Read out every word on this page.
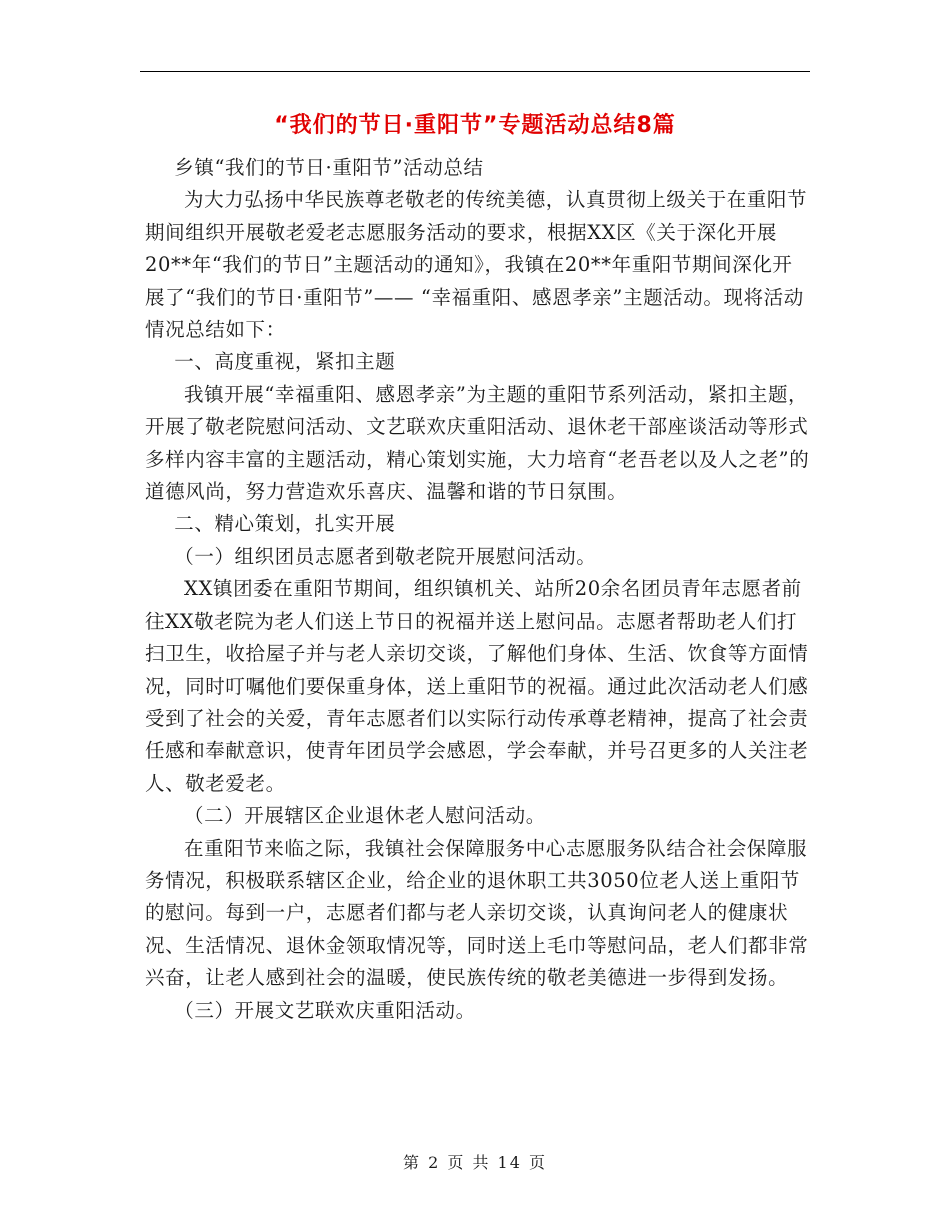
“我们的节日·重阳节”专题活动总结8篇

乡镇“我们的节日·重阳节”活动总结

为大力弘扬中华民族尊老敬老的传统美德，认真贯彻上级关于在重阳节期间组织开展敬老爱老志愿服务活动的要求，根据XX区《关于深化开展20**年“我们的节日”主题活动的通知》，我镇在20**年重阳节期间深化开展了“我们的节日·重阳节”—— “幸福重阳、感恩孝亲”主题活动。现将活动情况总结如下：

一、高度重视，紧扣主题

我镇开展“幸福重阳、感恩孝亲”为主题的重阳节系列活动，紧扣主题，开展了敬老院慰问活动、文艺联欢庆重阳活动、退休老干部座谈活动等形式多样内容丰富的主题活动，精心策划实施，大力培育“老吾老以及人之老”的道德风尚，努力营造欢乐喜庆、温馨和谐的节日氛围。

二、精心策划，扎实开展

（一）组织团员志愿者到敬老院开展慰问活动。

XX镇团委在重阳节期间，组织镇机关、站所20余名团员青年志愿者前往XX敬老院为老人们送上节日的祝福并送上慰问品。志愿者帮助老人们打扫卫生，收拾屋子并与老人亲切交谈，了解他们身体、生活、饮食等方面情况，同时叮嘱他们要保重身体，送上重阳节的祝福。通过此次活动老人们感受到了社会的关爱，青年志愿者们以实际行动传承尊老精神，提高了社会责任感和奉献意识，使青年团员学会感恩，学会奉献，并号召更多的人关注老人、敬老爱老。

（二）开展辖区企业退休老人慰问活动。

在重阳节来临之际，我镇社会保障服务中心志愿服务队结合社会保障服务情况，积极联系辖区企业，给企业的退休职工共3050位老人送上重阳节的慰问。每到一户，志愿者们都与老人亲切交谈，认真询问老人的健康状况、生活情况、退休金领取情况等，同时送上毛巾等慰问品，老人们都非常兴奋，让老人感到社会的温暖，使民族传统的敬老美德进一步得到发扬。

（三）开展文艺联欢庆重阳活动。

第 2 页 共 14 页
